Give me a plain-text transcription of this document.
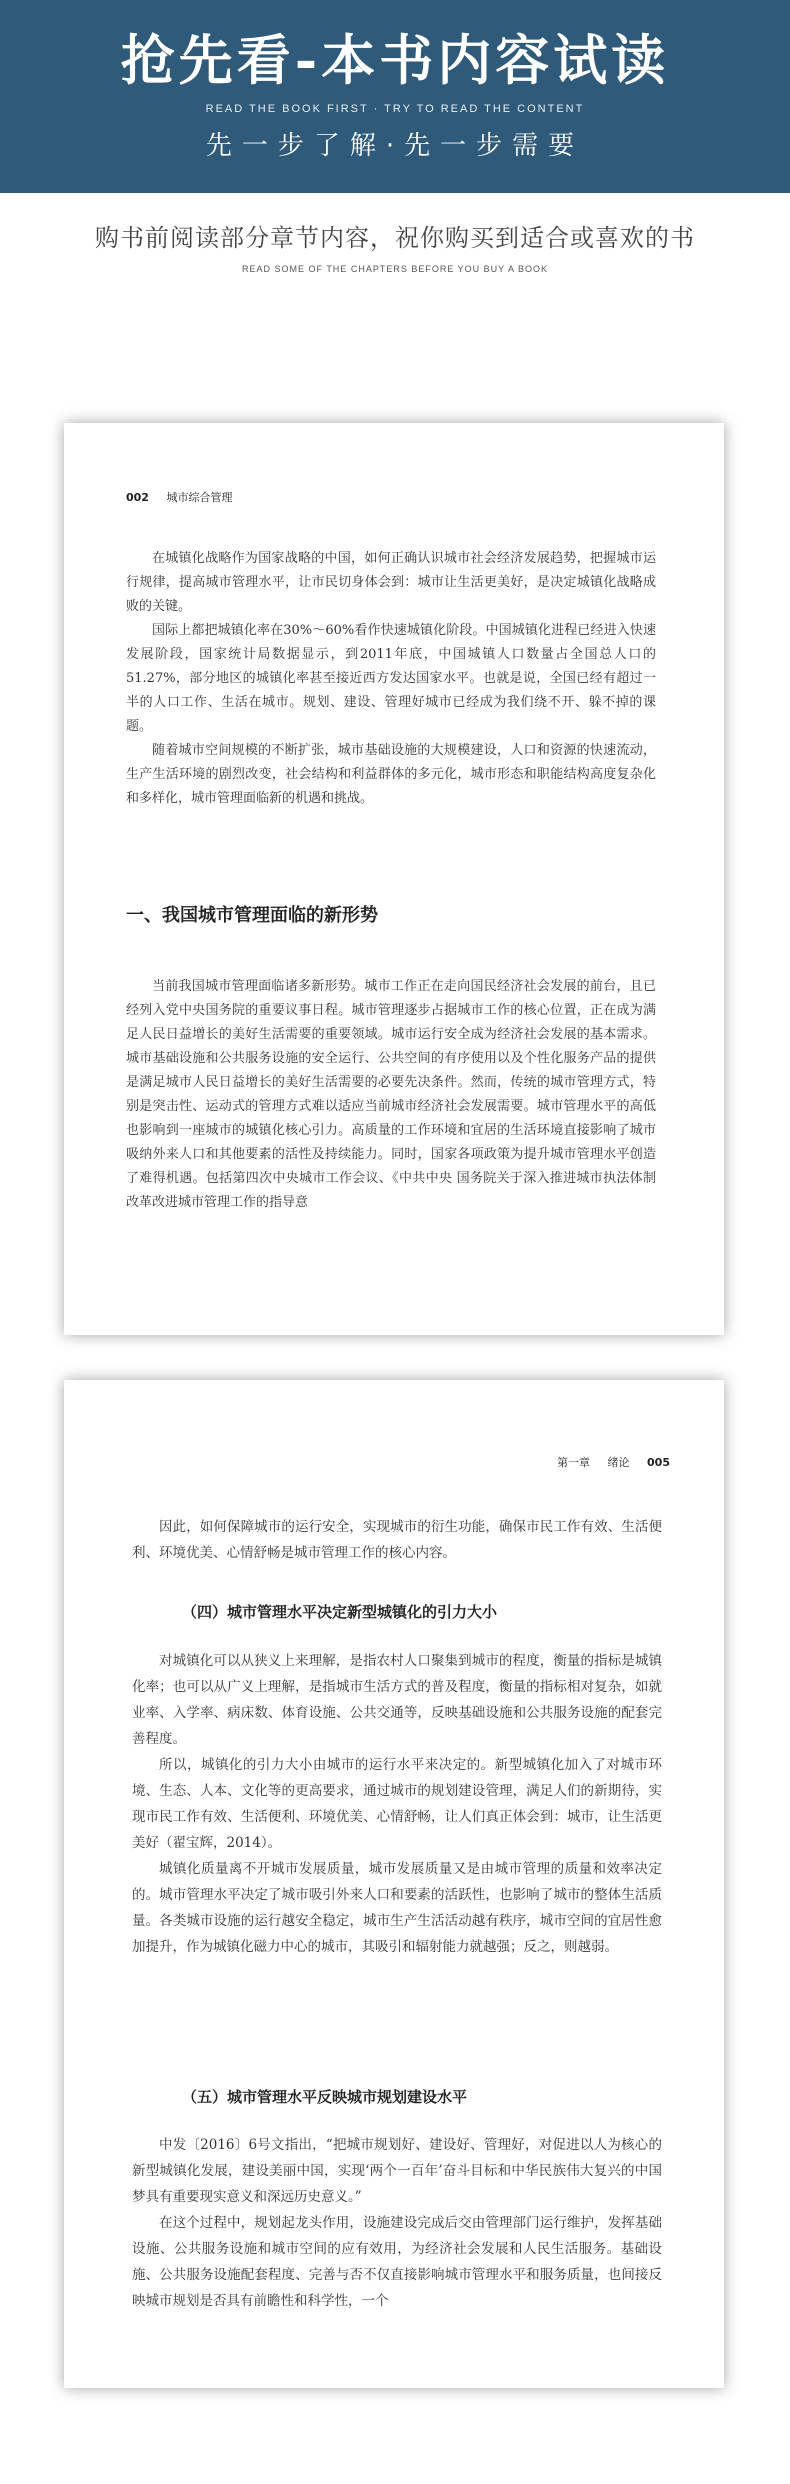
抢先看-本书内容试读
READ THE BOOK FIRST · TRY TO READ THE CONTENT
先一步了解·先一步需要
购书前阅读部分章节内容，祝你购买到适合或喜欢的书
READ SOME OF THE CHAPTERS BEFORE YOU BUY A BOOK
002 城市综合管理

在城镇化战略作为国家战略的中国，如何正确认识城市社会经济发展趋势，把握城市运行规律，提高城市管理水平，让市民切身体会到：城市让生活更美好，是决定城镇化战略成败的关键。

国际上都把城镇化率在30%～60%看作快速城镇化阶段。中国城镇化进程已经进入快速发展阶段，国家统计局数据显示，到2011年底，中国城镇人口数量占全国总人口的51.27%，部分地区的城镇化率甚至接近西方发达国家水平。也就是说，全国已经有超过一半的人口工作、生活在城市。规划、建设、管理好城市已经成为我们绕不开、躲不掉的课题。

随着城市空间规模的不断扩张，城市基础设施的大规模建设，人口和资源的快速流动，生产生活环境的剧烈改变，社会结构和利益群体的多元化，城市形态和职能结构高度复杂化和多样化，城市管理面临新的机遇和挑战。

一、我国城市管理面临的新形势

当前我国城市管理面临诸多新形势。城市工作正在走向国民经济社会发展的前台，且已经列入党中央国务院的重要议事日程。城市管理逐步占据城市工作的核心位置，正在成为满足人民日益增长的美好生活需要的重要领域。城市运行安全成为经济社会发展的基本需求。城市基础设施和公共服务设施的安全运行、公共空间的有序使用以及个性化服务产品的提供是满足城市人民日益增长的美好生活需要的必要先决条件。然而，传统的城市管理方式，特别是突击性、运动式的管理方式难以适应当前城市经济社会发展需要。城市管理水平的高低也影响到一座城市的城镇化核心引力。高质量的工作环境和宜居的生活环境直接影响了城市吸纳外来人口和其他要素的活性及持续能力。同时，国家各项政策为提升城市管理水平创造了难得机遇。包括第四次中央城市工作会议、《中共中央 国务院关于深入推进城市执法体制改革改进城市管理工作的指导意

第一章 绪论 005

因此，如何保障城市的运行安全，实现城市的衍生功能，确保市民工作有效、生活便利、环境优美、心情舒畅是城市管理工作的核心内容。

（四）城市管理水平决定新型城镇化的引力大小

对城镇化可以从狭义上来理解，是指农村人口聚集到城市的程度，衡量的指标是城镇化率；也可以从广义上理解，是指城市生活方式的普及程度，衡量的指标相对复杂，如就业率、入学率、病床数、体育设施、公共交通等，反映基础设施和公共服务设施的配套完善程度。

所以，城镇化的引力大小由城市的运行水平来决定的。新型城镇化加入了对城市环境、生态、人本、文化等的更高要求，通过城市的规划建设管理，满足人们的新期待，实现市民工作有效、生活便利、环境优美、心情舒畅，让人们真正体会到：城市，让生活更美好（翟宝辉，2014）。

城镇化质量离不开城市发展质量，城市发展质量又是由城市管理的质量和效率决定的。城市管理水平决定了城市吸引外来人口和要素的活跃性，也影响了城市的整体生活质量。各类城市设施的运行越安全稳定，城市生产生活活动越有秩序，城市空间的宜居性愈加提升，作为城镇化磁力中心的城市，其吸引和辐射能力就越强；反之，则越弱。

（五）城市管理水平反映城市规划建设水平

中发〔2016〕6号文指出，“把城市规划好、建设好、管理好，对促进以人为核心的新型城镇化发展，建设美丽中国，实现‘两个一百年’奋斗目标和中华民族伟大复兴的中国梦具有重要现实意义和深远历史意义。”

在这个过程中，规划起龙头作用，设施建设完成后交由管理部门运行维护，发挥基础设施、公共服务设施和城市空间的应有效用，为经济社会发展和人民生活服务。基础设施、公共服务设施配套程度、完善与否不仅直接影响城市管理水平和服务质量，也间接反映城市规划是否具有前瞻性和科学性，一个
